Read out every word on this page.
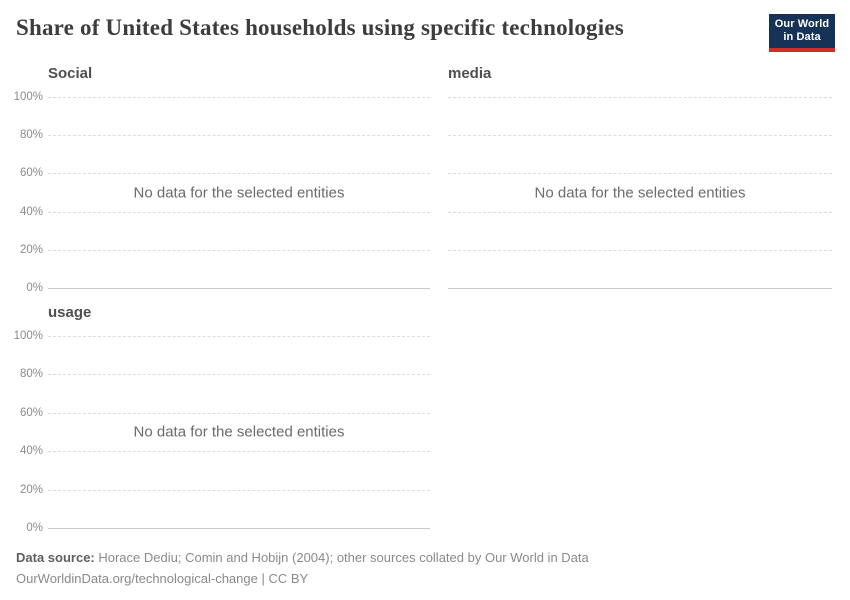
Share of United States households using specific technologies	Our World
in Data
Social
100%
80%
60%
40%
20%
0%

No data for the selected entities

media

No data for the selected entities

usage
100%
80%
60%
40%
20%
0%

No data for the selected entities

Data source: Horace Dediu; Comin and Hobijn (2004); other sources collated by Our World in Data

OurWorldinData.org/technological-change | CC BY
